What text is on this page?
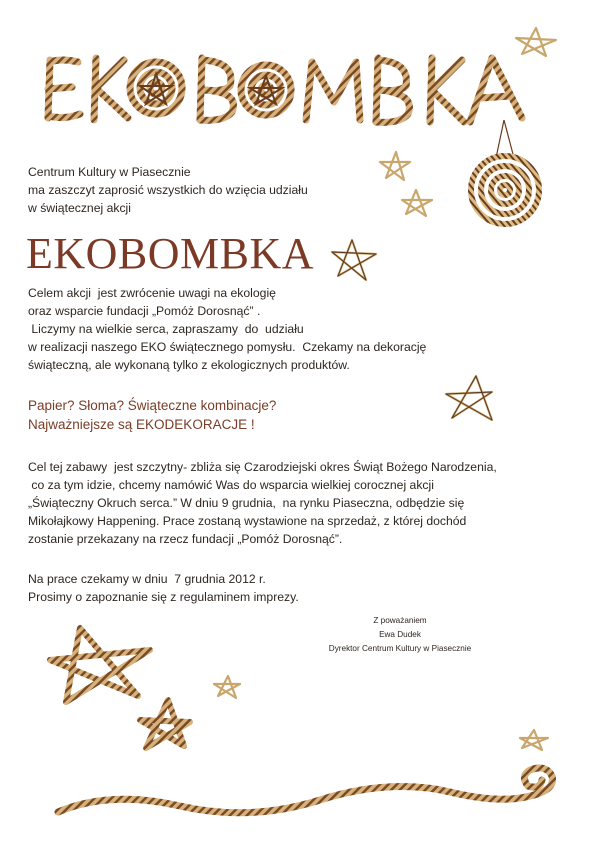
Centrum Kultury w Piasecznie
ma zaszczyt zaprosić wszystkich do wzięcia udziału
w świątecznej akcji
EKOBOMBKA
Celem akcji  jest zwrócenie uwagi na ekologię
oraz wsparcie fundacji „Pomóż Dorosnąć” .
Liczymy na wielkie serca, zapraszamy  do  udziału
w realizacji naszego EKO świątecznego pomysłu.  Czekamy na dekorację
świąteczną, ale wykonaną tylko z ekologicznych produktów.
Papier? Słoma? Świąteczne kombinacje?
Najważniejsze są EKODEKORACJE !
Cel tej zabawy  jest szczytny- zbliża się Czarodziejski okres Świąt Bożego Narodzenia,
co za tym idzie, chcemy namówić Was do wsparcia wielkiej corocznej akcji
„Świąteczny Okruch serca.” W dniu 9 grudnia,  na rynku Piaseczna, odbędzie się
Mikołajkowy Happening. Prace zostaną wystawione na sprzedaż, z której dochód
zostanie przekazany na rzecz fundacji „Pomóż Dorosnąć”.
Na prace czekamy w dniu  7 grudnia 2012 r.
Prosimy o zapoznanie się z regulaminem imprezy.
Z poważaniem
Ewa Dudek
Dyrektor Centrum Kultury w Piasecznie
